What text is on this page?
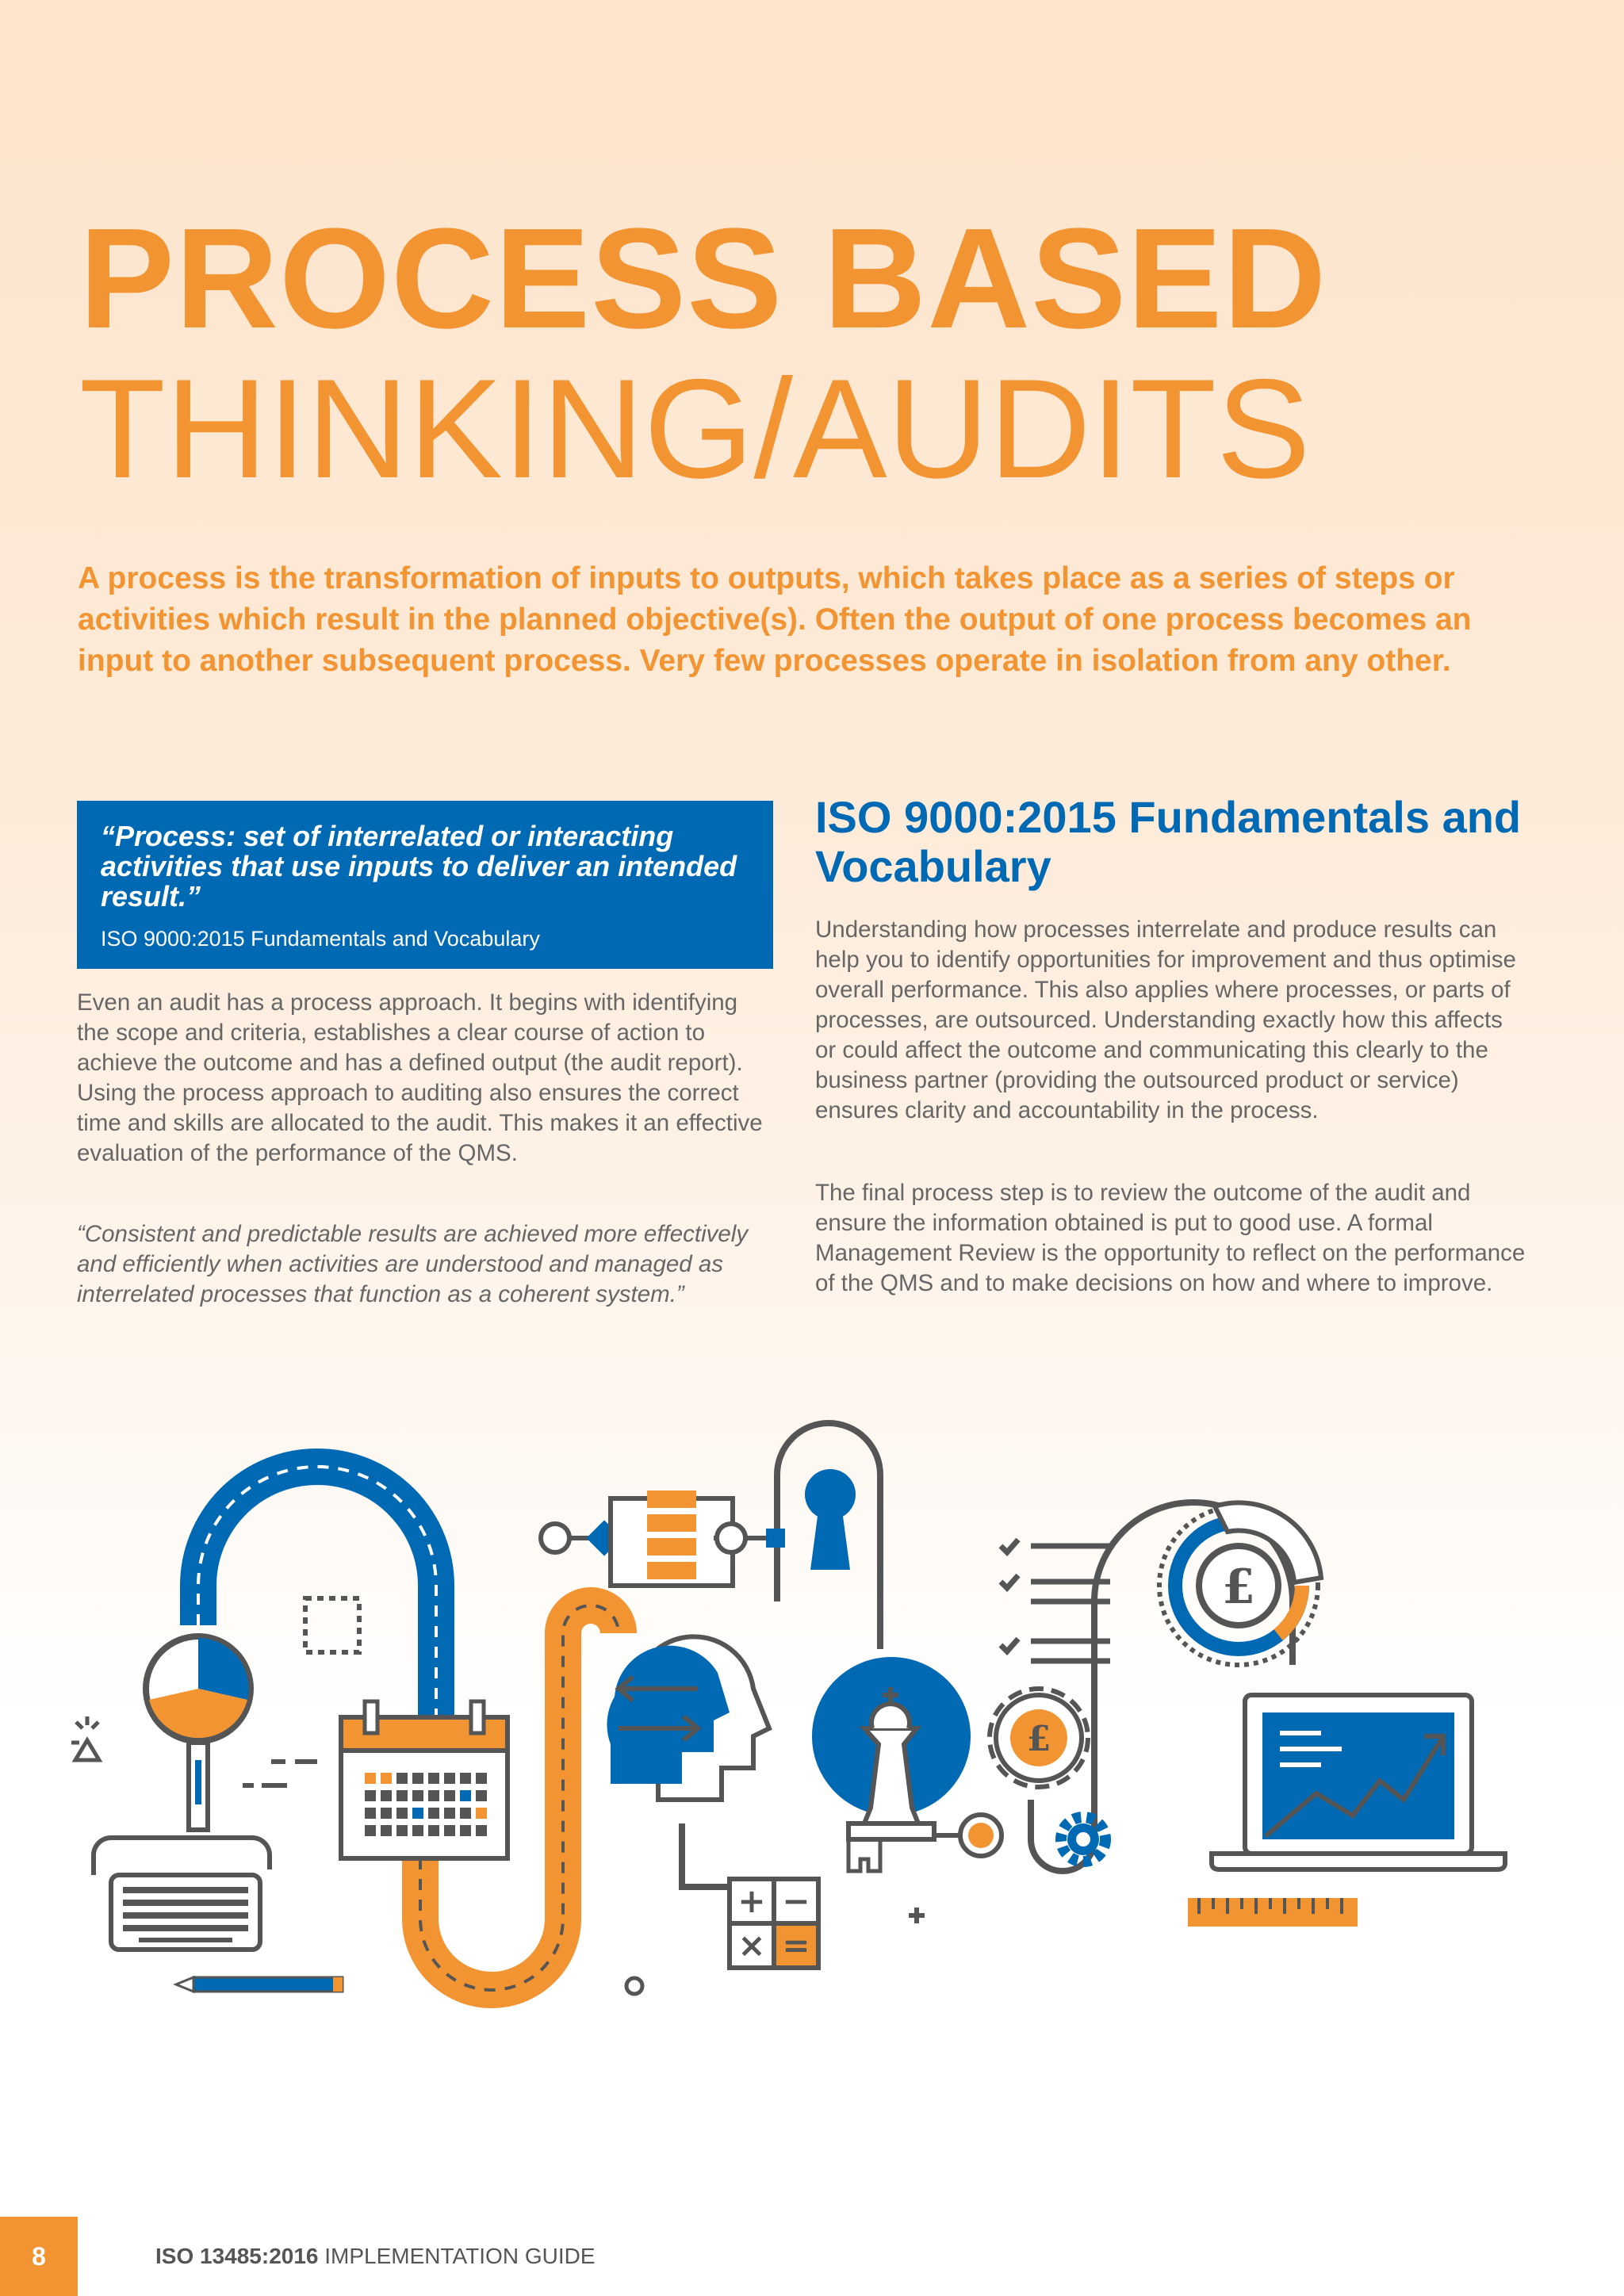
PROCESS BASED
THINKING/AUDITS

A process is the transformation of inputs to outputs, which takes place as a series of steps or activities which result in the planned objective(s). Often the output of one process becomes an input to another subsequent process. Very few processes operate in isolation from any other.

“Process: set of interrelated or interacting activities that use inputs to deliver an intended result.”

ISO 9000:2015 Fundamentals and Vocabulary

Even an audit has a process approach. It begins with identifying the scope and criteria, establishes a clear course of action to achieve the outcome and has a defined output (the audit report). Using the process approach to auditing also ensures the correct time and skills are allocated to the audit. This makes it an effective evaluation of the performance of the QMS.

“Consistent and predictable results are achieved more effectively and efficiently when activities are understood and managed as interrelated processes that function as a coherent system.”

ISO 9000:2015 Fundamentals and Vocabulary

Understanding how processes interrelate and produce results can help you to identify opportunities for improvement and thus optimise overall performance. This also applies where processes, or parts of processes, are outsourced. Understanding exactly how this affects or could affect the outcome and communicating this clearly to the business partner (providing the outsourced product or service) ensures clarity and accountability in the process.

The final process step is to review the outcome of the audit and ensure the information obtained is put to good use. A formal Management Review is the opportunity to reflect on the performance of the QMS and to make decisions on how and where to improve.

+ −
× =
£
£
8	ISO 13485:2016 IMPLEMENTATION GUIDE
